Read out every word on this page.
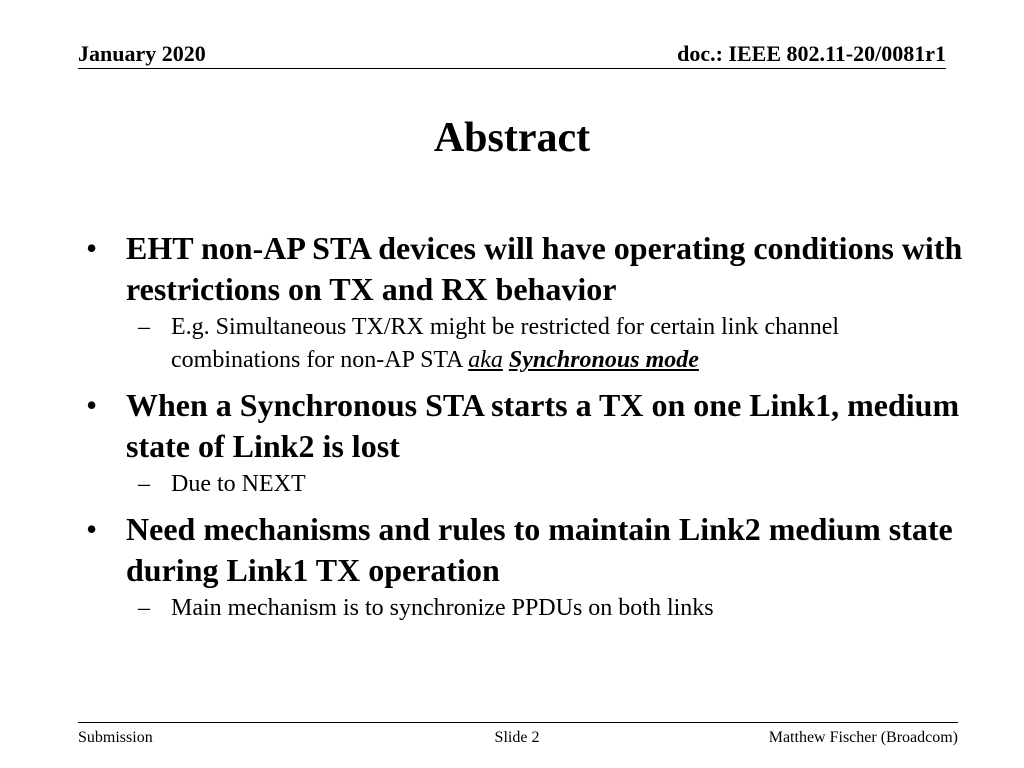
January 2020	doc.: IEEE 802.11-20/0081r1
Abstract
• EHT non-AP STA devices will have operating conditions with restrictions on TX and RX behavior
– E.g. Simultaneous TX/RX might be restricted for certain link channel combinations for non-AP STA aka Synchronous mode
• When a Synchronous STA starts a TX on one Link1, medium state of Link2 is lost
– Due to NEXT
• Need mechanisms and rules to maintain Link2 medium state during Link1 TX operation
– Main mechanism is to synchronize PPDUs on both links
Submission	Slide 2	Matthew Fischer (Broadcom)
